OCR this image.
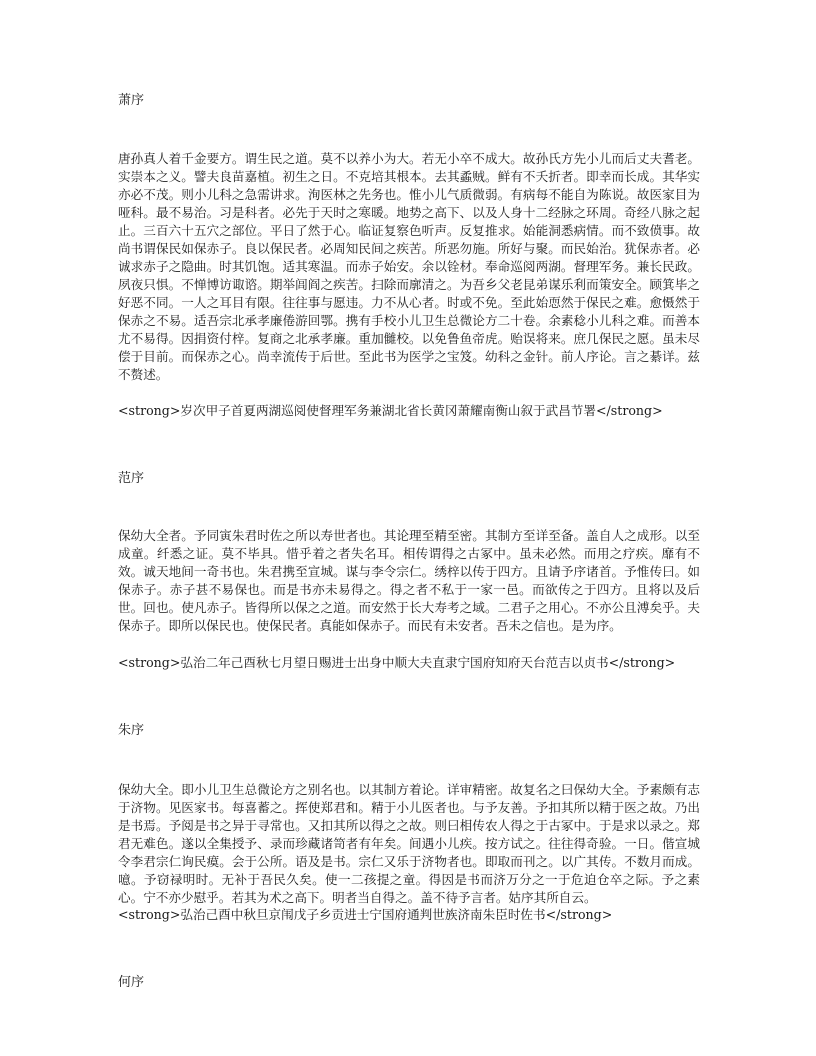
萧序
唐孙真人着千金要方。谓生民之道。莫不以养小为大。若无小卒不成大。故孙氏方先小儿而后丈夫耆老。实崇本之义。譬夫良苗嘉植。初生之日。不克培其根本。去其蟊贼。鲜有不夭折者。即幸而长成。其华实亦必不茂。则小儿科之急需讲求。洵医林之先务也。惟小儿气质微弱。有病每不能自为陈说。故医家目为哑科。最不易治。习是科者。必先于天时之寒暖。地势之高下、以及人身十二经脉之环周。奇经八脉之起止。三百六十五穴之部位。平日了然于心。临证复察色听声。反复推求。始能洞悉病情。而不致偾事。故尚书谓保民如保赤子。良以保民者。必周知民间之疾苦。所恶勿施。所好与聚。而民始治。犹保赤者。必诚求赤子之隐曲。时其饥饱。适其寒温。而赤子始安。余以铨材。奉命巡阅两湖。督理军务。兼长民政。夙夜只惧。不惮博访诹谘。期举闾阎之疾苦。扫除而廓清之。为吾乡父老昆弟谋乐利而策安全。顾箕毕之好恶不同。一人之耳目有限。往往事与愿违。力不从心者。时或不免。至此始恧然于保民之难。愈慑然于保赤之不易。适吾宗北承孝廉倦游回鄂。携有手校小儿卫生总微论方二十卷。余素稔小儿科之难。而善本尤不易得。因捐资付梓。复商之北承孝廉。重加雠校。以免鲁鱼帝虎。贻误将来。庶几保民之愿。虽未尽偿于目前。而保赤之心。尚幸流传于后世。至此书为医学之宝笈。幼科之金针。前人序论。言之綦详。兹不赘述。
<strong>岁次甲子首夏两湖巡阅使督理军务兼湖北省长黄冈萧耀南衡山叙于武昌节署</strong>
范序
保幼大全者。予同寅朱君时佐之所以寿世者也。其论理至精至密。其制方至详至备。盖自人之成形。以至成童。纤悉之证。莫不毕具。惜乎着之者失名耳。相传谓得之古冢中。虽未必然。而用之疗疾。靡有不效。诚天地间一奇书也。朱君携至宣城。谋与李令宗仁。绣梓以传于四方。且请予序诸首。予惟传曰。如保赤子。赤子甚不易保也。而是书亦未易得之。得之者不私于一家一邑。而欲传之于四方。且将以及后世。回也。使凡赤子。皆得所以保之之道。而安然于长大寿考之域。二君子之用心。不亦公且溥矣乎。夫保赤子。即所以保民也。使保民者。真能如保赤子。而民有未安者。吾未之信也。是为序。
<strong>弘治二年己酉秋七月望日赐进士出身中顺大夫直隶宁国府知府天台范吉以贞书</strong>
朱序
保幼大全。即小儿卫生总微论方之别名也。以其制方着论。详审精密。故复名之曰保幼大全。予素颇有志于济物。见医家书。每喜蓄之。挥使郑君和。精于小儿医者也。与予友善。予扣其所以精于医之故。乃出是书焉。予阅是书之异于寻常也。又扣其所以得之之故。则曰相传农人得之于古冢中。于是求以录之。郑君无难色。遂以全集授予、录而珍藏诸笥者有年矣。间遇小儿疾。按方试之。往往得奇验。一日。偕宣城令李君宗仁询民瘼。会于公所。语及是书。宗仁又乐于济物者也。即取而刊之。以广其传。不数月而成。噫。予窃禄明时。无补于吾民久矣。使一二孩提之童。得因是书而济万分之一于危迫仓卒之际。予之素心。宁不亦少慰乎。若其为术之高下。明者当自得之。盖不待予言者。姑序其所自云。
<strong>弘治己酉中秋旦京闱戊子乡贡进士宁国府通判世族济南朱臣时佐书</strong>
何序
